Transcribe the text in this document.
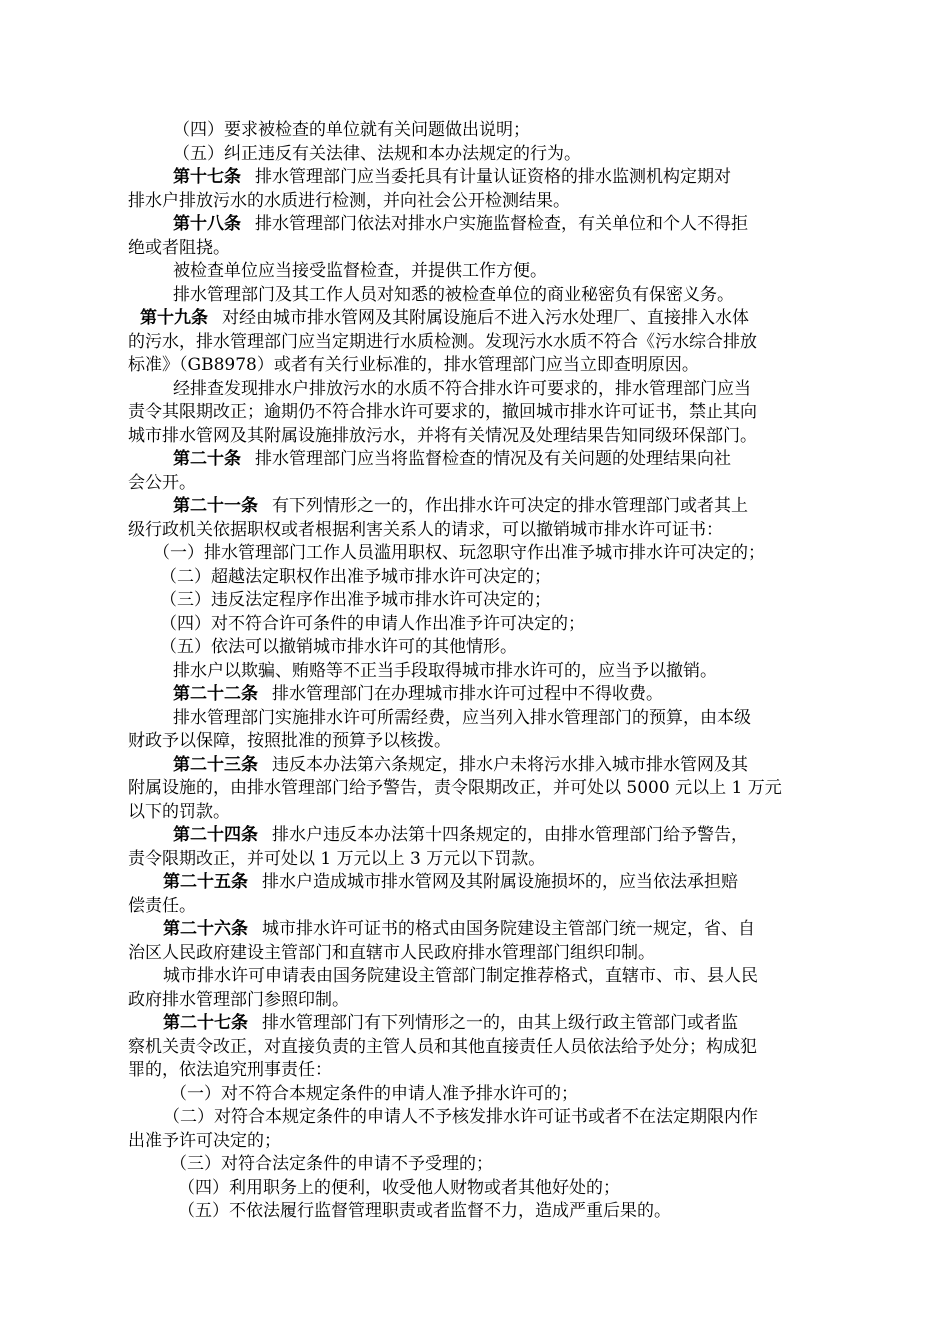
（四）要求被检查的单位就有关问题做出说明；
（五）纠正违反有关法律、法规和本办法规定的行为。
第十七条 排水管理部门应当委托具有计量认证资格的排水监测机构定期对
排水户排放污水的水质进行检测，并向社会公开检测结果。
第十八条 排水管理部门依法对排水户实施监督检查，有关单位和个人不得拒
绝或者阻挠。
被检查单位应当接受监督检查，并提供工作方便。
排水管理部门及其工作人员对知悉的被检查单位的商业秘密负有保密义务。
第十九条 对经由城市排水管网及其附属设施后不进入污水处理厂、直接排入水体
的污水，排水管理部门应当定期进行水质检测。发现污水水质不符合《污水综合排放
标准》（GB8978）或者有关行业标准的，排水管理部门应当立即查明原因。
经排查发现排水户排放污水的水质不符合排水许可要求的，排水管理部门应当
责令其限期改正；逾期仍不符合排水许可要求的，撤回城市排水许可证书，禁止其向
城市排水管网及其附属设施排放污水，并将有关情况及处理结果告知同级环保部门。
第二十条 排水管理部门应当将监督检查的情况及有关问题的处理结果向社
会公开。
第二十一条 有下列情形之一的，作出排水许可决定的排水管理部门或者其上
级行政机关依据职权或者根据利害关系人的请求，可以撤销城市排水许可证书：
（一）排水管理部门工作人员滥用职权、玩忽职守作出准予城市排水许可决定的；
（二）超越法定职权作出准予城市排水许可决定的；
（三）违反法定程序作出准予城市排水许可决定的；
（四）对不符合许可条件的申请人作出准予许可决定的；
（五）依法可以撤销城市排水许可的其他情形。
排水户以欺骗、贿赂等不正当手段取得城市排水许可的，应当予以撤销。
第二十二条 排水管理部门在办理城市排水许可过程中不得收费。
排水管理部门实施排水许可所需经费，应当列入排水管理部门的预算，由本级
财政予以保障，按照批准的预算予以核拨。
第二十三条 违反本办法第六条规定，排水户未将污水排入城市排水管网及其
附属设施的，由排水管理部门给予警告，责令限期改正，并可处以 5000 元以上 1 万元
以下的罚款。
第二十四条 排水户违反本办法第十四条规定的，由排水管理部门给予警告，
责令限期改正，并可处以 1 万元以上 3 万元以下罚款。
第二十五条 排水户造成城市排水管网及其附属设施损坏的，应当依法承担赔
偿责任。
第二十六条 城市排水许可证书的格式由国务院建设主管部门统一规定，省、自
治区人民政府建设主管部门和直辖市人民政府排水管理部门组织印制。
城市排水许可申请表由国务院建设主管部门制定推荐格式，直辖市、市、县人民
政府排水管理部门参照印制。
第二十七条 排水管理部门有下列情形之一的，由其上级行政主管部门或者监
察机关责令改正，对直接负责的主管人员和其他直接责任人员依法给予处分；构成犯
罪的，依法追究刑事责任：
（一）对不符合本规定条件的申请人准予排水许可的；
（二）对符合本规定条件的申请人不予核发排水许可证书或者不在法定期限内作
出准予许可决定的；
（三）对符合法定条件的申请不予受理的；
（四）利用职务上的便利，收受他人财物或者其他好处的；
（五）不依法履行监督管理职责或者监督不力，造成严重后果的。
